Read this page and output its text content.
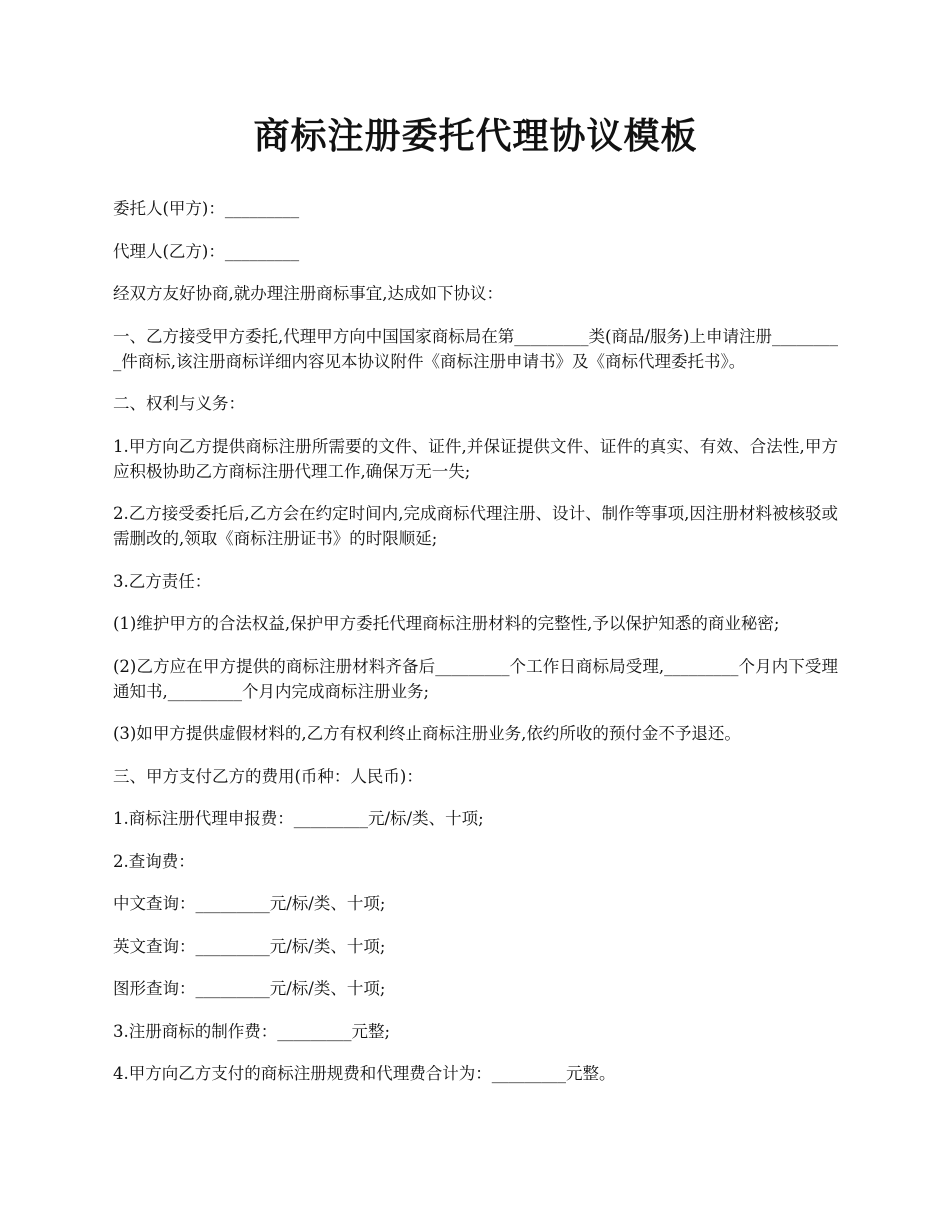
商标注册委托代理协议模板

委托人(甲方)：_________

代理人(乙方)：_________

经双方友好协商,就办理注册商标事宜,达成如下协议：

一、乙方接受甲方委托,代理甲方向中国国家商标局在第_________类(商品/服务)上申请注册_________件商标,该注册商标详细内容见本协议附件《商标注册申请书》及《商标代理委托书》。

二、权利与义务：

1.甲方向乙方提供商标注册所需要的文件、证件,并保证提供文件、证件的真实、有效、合法性,甲方应积极协助乙方商标注册代理工作,确保万无一失;

2.乙方接受委托后,乙方会在约定时间内,完成商标代理注册、设计、制作等事项,因注册材料被核驳或需删改的,领取《商标注册证书》的时限顺延;

3.乙方责任：

(1)维护甲方的合法权益,保护甲方委托代理商标注册材料的完整性,予以保护知悉的商业秘密;

(2)乙方应在甲方提供的商标注册材料齐备后_________个工作日商标局受理,_________个月内下受理通知书,_________个月内完成商标注册业务;

(3)如甲方提供虚假材料的,乙方有权利终止商标注册业务,依约所收的预付金不予退还。

三、甲方支付乙方的费用(币种：人民币)：

1.商标注册代理申报费：_________元/标/类、十项;

2.查询费：

中文查询：_________元/标/类、十项;

英文查询：_________元/标/类、十项;

图形查询：_________元/标/类、十项;

3.注册商标的制作费：_________元整;

4.甲方向乙方支付的商标注册规费和代理费合计为：_________元整。
